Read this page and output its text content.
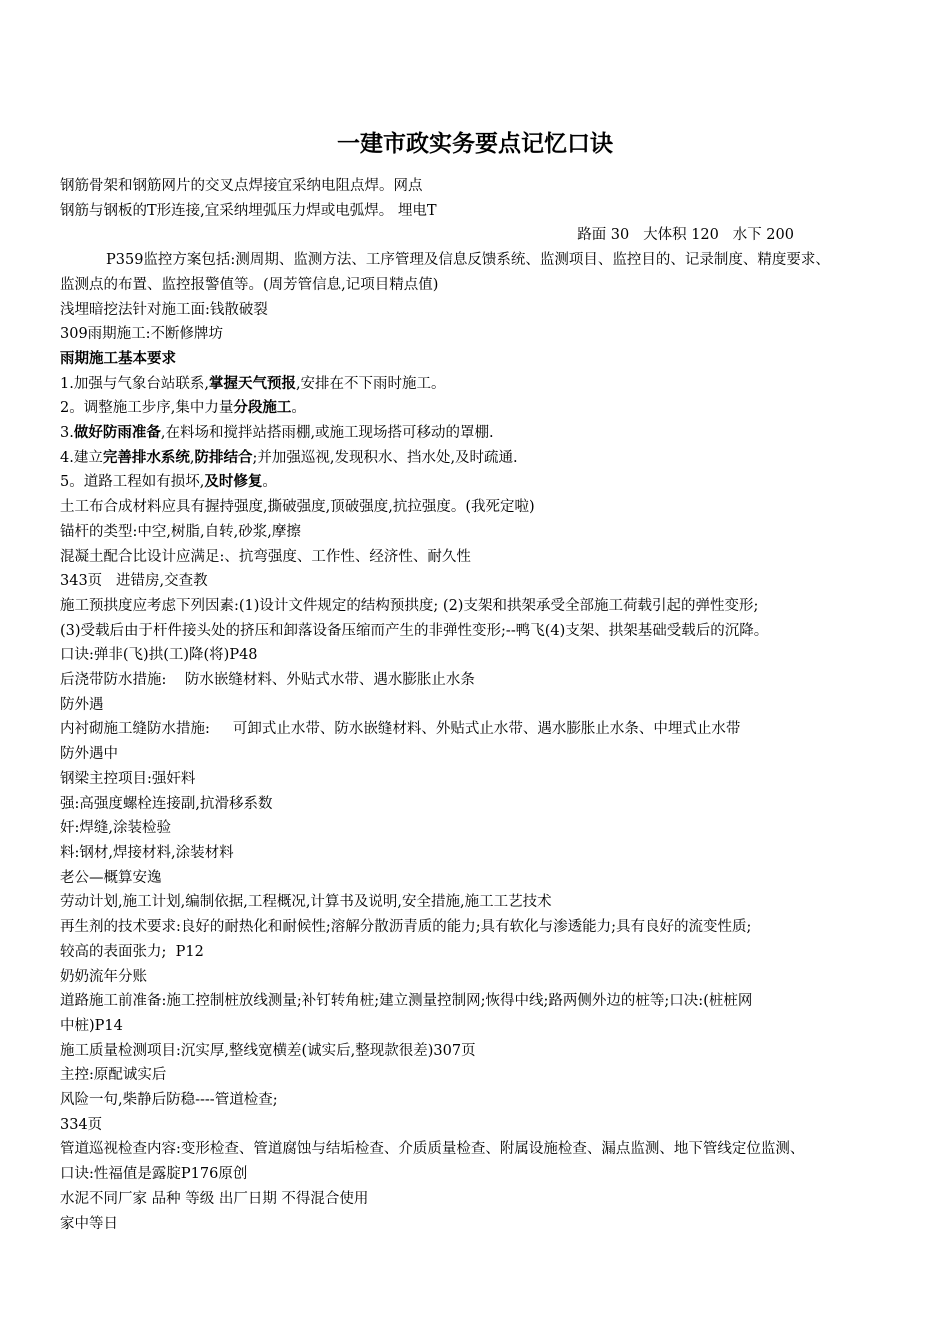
一建市政实务要点记忆口诀
钢筋骨架和钢筋网片的交叉点焊接宜采纳电阻点焊。网点
钢筋与钢板的T形连接,宜采纳埋弧压力焊或电弧焊。 埋电T
路面 30   大体积 120   水下 200
P359监控方案包括:测周期、监测方法、工序管理及信息反馈系统、监测项目、监控目的、记录制度、精度要求、
监测点的布置、监控报警值等。(周芳管信息,记项目精点值)
浅埋暗挖法针对施工面:钱散破裂
309雨期施工:不断修牌坊
雨期施工基本要求
1.加强与气象台站联系,掌握天气预报,安排在不下雨时施工。
2。调整施工步序,集中力量分段施工。
3.做好防雨准备,在料场和搅拌站搭雨棚,或施工现场搭可移动的罩棚.
4.建立完善排水系统,防排结合;并加强巡视,发现积水、挡水处,及时疏通.
5。道路工程如有损坏,及时修复。
土工布合成材料应具有握持强度,撕破强度,顶破强度,抗拉强度。(我死定啦)
锚杆的类型:中空,树脂,自转,砂浆,摩擦
混凝土配合比设计应满足:、抗弯强度、工作性、经济性、耐久性
343页   进错房,交查教
施工预拱度应考虑下列因素:(1)设计文件规定的结构预拱度; (2)支架和拱架承受全部施工荷载引起的弹性变形;
(3)受载后由于杆件接头处的挤压和卸落设备压缩而产生的非弹性变形;--鸭飞(4)支架、拱架基础受载后的沉降。
口诀:弹非(飞)拱(工)降(将)P48
后浇带防水措施:    防水嵌缝材料、外贴式水带、遇水膨胀止水条
防外遇
内衬砌施工缝防水措施:     可卸式止水带、防水嵌缝材料、外贴式止水带、遇水膨胀止水条、中埋式止水带
防外遇中
钢梁主控项目:强奸料
强:高强度螺栓连接副,抗滑移系数
奸:焊缝,涂装检验
料:钢材,焊接材料,涂装材料
老公—概算安逸
劳动计划,施工计划,编制依据,工程概况,计算书及说明,安全措施,施工工艺技术
再生剂的技术要求:良好的耐热化和耐候性;溶解分散沥青质的能力;具有软化与渗透能力;具有良好的流变性质;
较高的表面张力;  P12
奶奶流年分账
道路施工前准备:施工控制桩放线测量;补钉转角桩;建立测量控制网;恢得中线;路两侧外边的桩等;口决:(桩桩网
中桩)P14
施工质量检测项目:沉实厚,整线宽横差(诚实后,整现款很差)307页
主控:原配诚实后
风险一句,柴静后防稳----管道检查;
334页
管道巡视检查内容:变形检查、管道腐蚀与结垢检查、介质质量检查、附属设施检查、漏点监测、地下管线定位监测、
口诀:性福值是露腚P176原创
水泥不同厂家 品种 等级 出厂日期 不得混合使用
家中等日
